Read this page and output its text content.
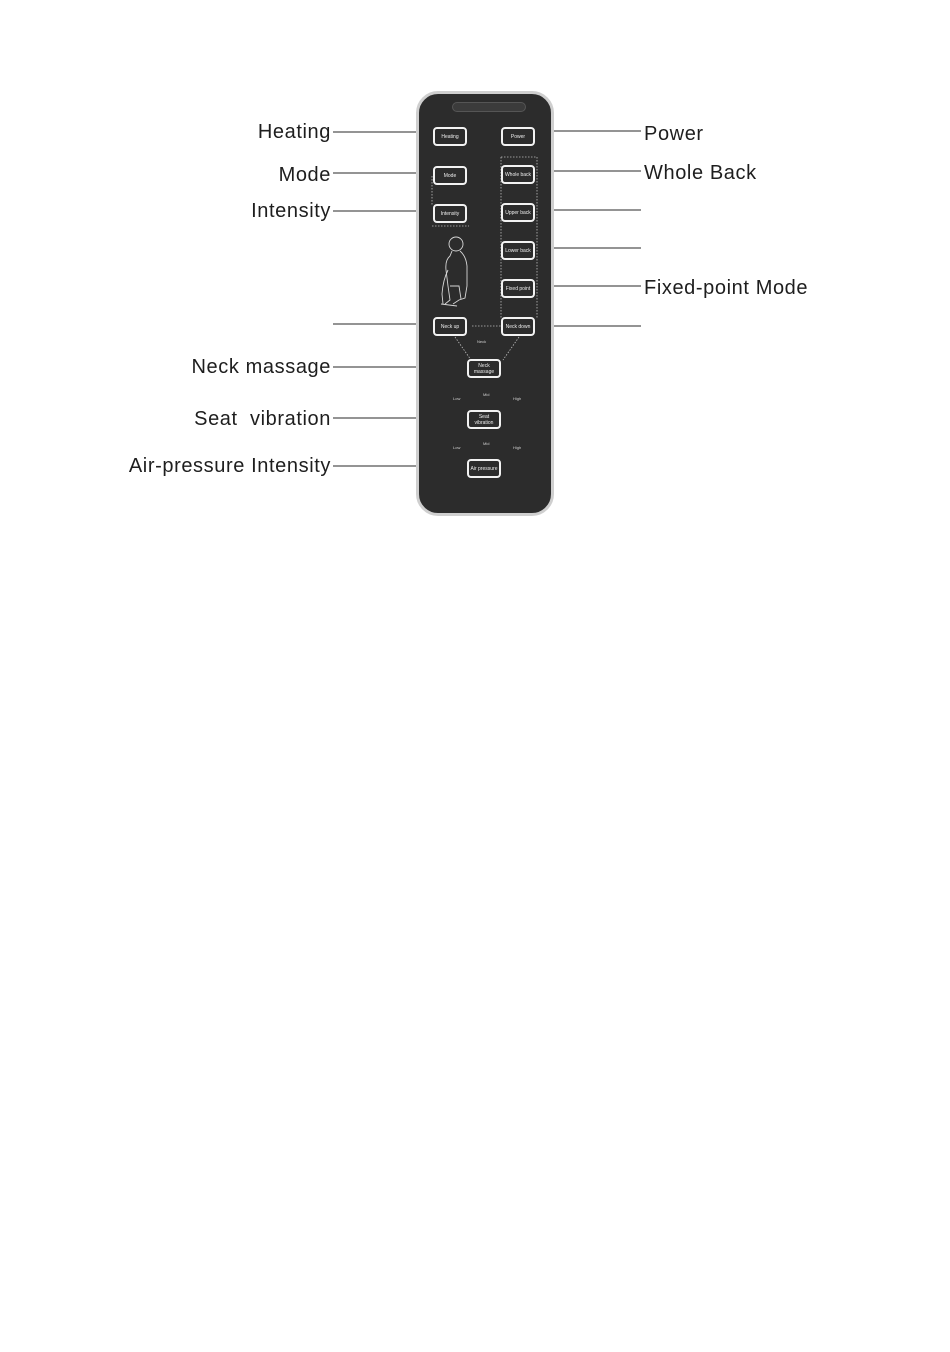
Heating
Mode
Intensity
Neck massage
Seat  vibration
Air-pressure Intensity
Power
Whole Back
Fixed-point Mode
Heating	Power
Mode	Whole back
Intensity	Upper back
Lower back
Fixed point
Neck up	Neck down
Neck massage
Seat vibration
Air pressure
Neck
Low
Mid
High
Low
Mid
High
